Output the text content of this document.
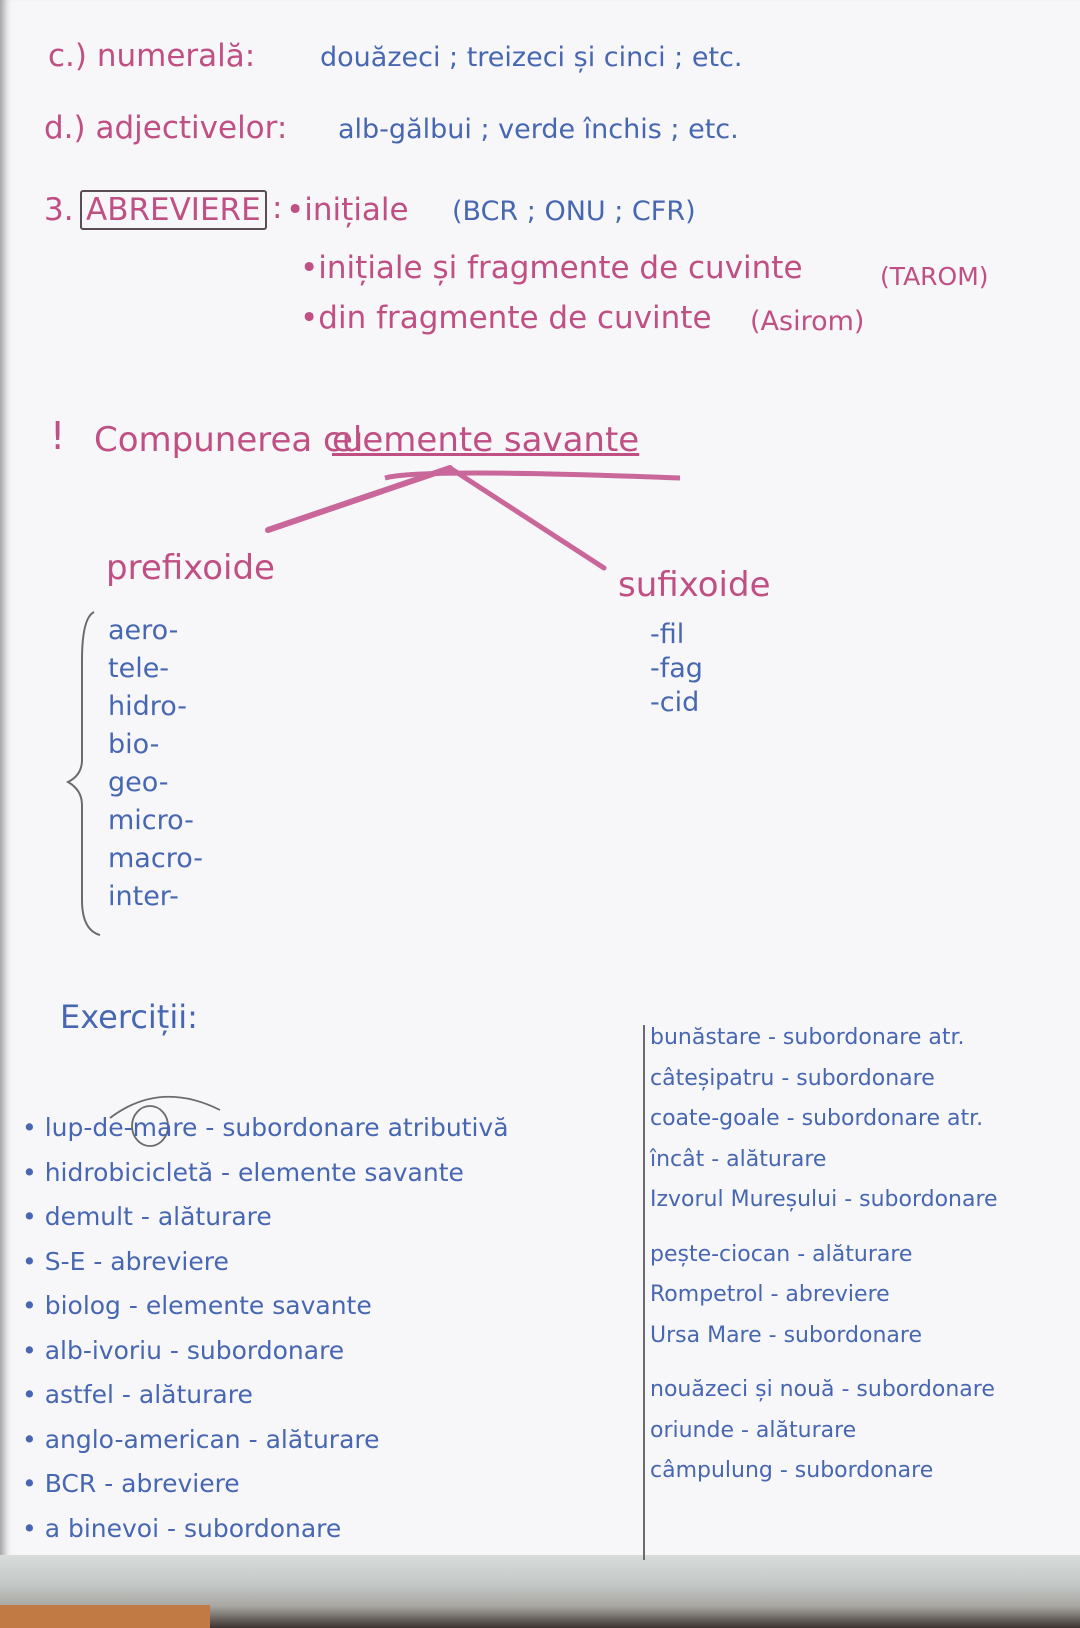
c.) numerală: douăzeci ; treizeci și cinci ; etc.
d.) adjectivelor: alb-gălbui ; verde închis ; etc.
3. ABREVIERE : •inițiale (BCR ; ONU ; CFR)
•inițiale și fragmente de cuvinte	(TAROM)
•din fragmente de cuvinte (Asirom)
! Compunerea cu
elemente savante
prefixoide
aero-
tele-
hidro-
bio-
geo-
micro-
macro-
inter-
sufixoide
-fil
-fag
-cid
Exerciții:
• lup-de-mare - subordonare atributivă
• hidrobicicletă - elemente savante
• demult - alăturare
• S-E - abreviere
• biolog - elemente savante
• alb-ivoriu - subordonare
• astfel - alăturare
• anglo-american - alăturare
• BCR - abreviere
• a binevoi - subordonare
bunăstare - subordonare atr.
câteșipatru - subordonare
coate-goale - subordonare atr.
încât - alăturare
Izvorul Mureșului - subordonare
pește-ciocan - alăturare
Rompetrol - abreviere
Ursa Mare - subordonare
nouăzeci și nouă - subordonare
oriunde - alăturare
câmpulung - subordonare
